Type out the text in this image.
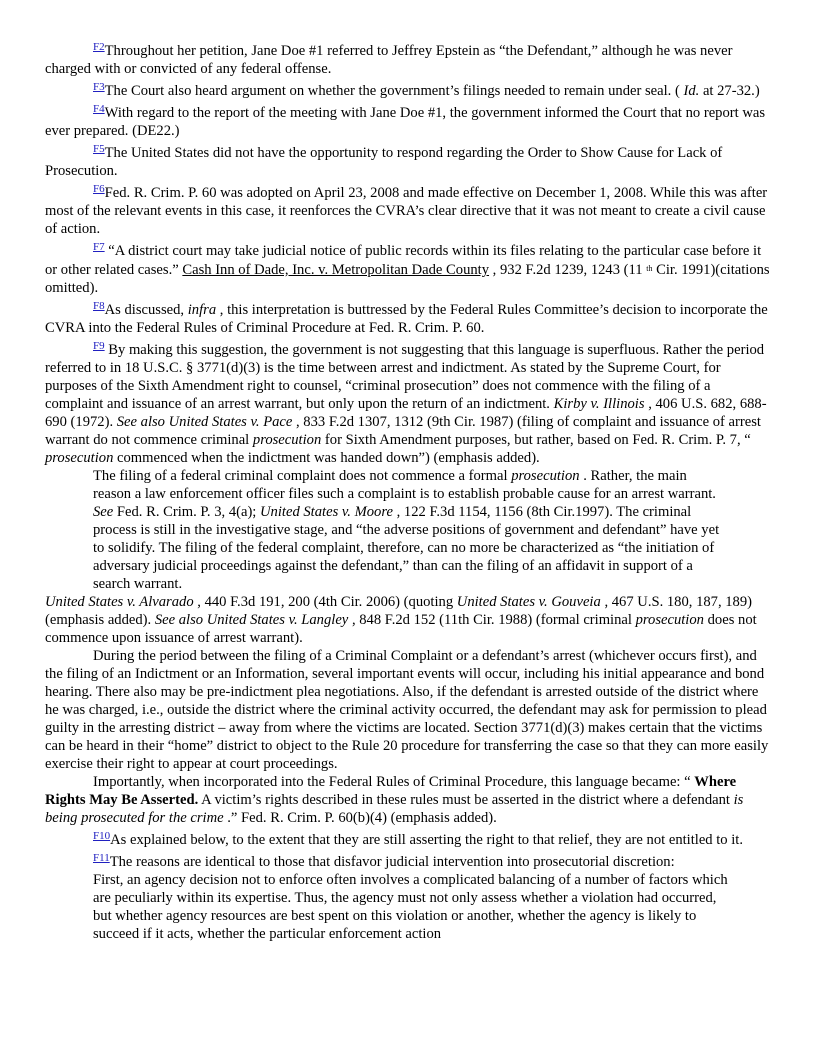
$^{F2}$Throughout her petition, Jane Doe #1 referred to Jeffrey Epstein as “the Defendant,” although he was never charged with or convicted of any federal offense.

$^{F3}$The Court also heard argument on whether the government’s filings needed to remain under seal. ( Id. at 27-32.)

$^{F4}$With regard to the report of the meeting with Jane Doe #1, the government informed the Court that no report was ever prepared. (DE22.)

$^{F5}$The United States did not have the opportunity to respond regarding the Order to Show Cause for Lack of Prosecution.

$^{F6}$Fed. R. Crim. P. 60 was adopted on April 23, 2008 and made effective on December 1, 2008. While this was after most of the relevant events in this case, it reenforces the CVRA’s clear directive that it was not meant to create a civil cause of action.

$^{F7}$ “A district court may take judicial notice of public records within its files relating to the particular case before it or other related cases.” Cash Inn of Dade, Inc. v. Metropolitan Dade County , 932 F.2d 1239, 1243 (11 $^{th}$ Cir. 1991)(citations omitted).

$^{F8}$As discussed, infra , this interpretation is buttressed by the Federal Rules Committee’s decision to incorporate the CVRA into the Federal Rules of Criminal Procedure at Fed. R. Crim. P. 60.

$^{F9}$ By making this suggestion, the government is not suggesting that this language is superfluous. Rather the period referred to in 18 U.S.C. § 3771(d)(3) is the time between arrest and indictment. As stated by the Supreme Court, for purposes of the Sixth Amendment right to counsel, “criminal prosecution” does not commence with the filing of a complaint and issuance of an arrest warrant, but only upon the return of an indictment. Kirby v. Illinois , 406 U.S. 682, 688-690 (1972). See also United States v. Pace , 833 F.2d 1307, 1312 (9th Cir. 1987) (filing of complaint and issuance of arrest warrant do not commence criminal prosecution for Sixth Amendment purposes, but rather, based on Fed. R. Crim. P. 7, “ prosecution commenced when the indictment was handed down”) (emphasis added).

The filing of a federal criminal complaint does not commence a formal prosecution . Rather, the main reason a law enforcement officer files such a complaint is to establish probable cause for an arrest warrant. See Fed. R. Crim. P. 3, 4(a); United States v. Moore , 122 F.3d 1154, 1156 (8th Cir.1997). The criminal process is still in the investigative stage, and “the adverse positions of government and defendant” have yet to solidify. The filing of the federal complaint, therefore, can no more be characterized as “the initiation of adversary judicial proceedings against the defendant,” than can the filing of an affidavit in support of a search warrant.

United States v. Alvarado , 440 F.3d 191, 200 (4th Cir. 2006) (quoting United States v. Gouveia , 467 U.S. 180, 187, 189) (emphasis added). See also United States v. Langley , 848 F.2d 152 (11th Cir. 1988) (formal criminal prosecution does not commence upon issuance of arrest warrant).

During the period between the filing of a Criminal Complaint or a defendant’s arrest (whichever occurs first), and the filing of an Indictment or an Information, several important events will occur, including his initial appearance and bond hearing. There also may be pre-indictment plea negotiations. Also, if the defendant is arrested outside of the district where he was charged, i.e., outside the district where the criminal activity occurred, the defendant may ask for permission to plead guilty in the arresting district – away from where the victims are located. Section 3771(d)(3) makes certain that the victims can be heard in their “home” district to object to the Rule 20 procedure for transferring the case so that they can more easily exercise their right to appear at court proceedings.

Importantly, when incorporated into the Federal Rules of Criminal Procedure, this language became: “ Where Rights May Be Asserted. A victim’s rights described in these rules must be asserted in the district where a defendant is being prosecuted for the crime .” Fed. R. Crim. P. 60(b)(4) (emphasis added).

$^{F10}$As explained below, to the extent that they are still asserting the right to that relief, they are not entitled to it.

$^{F11}$The reasons are identical to those that disfavor judicial intervention into prosecutorial discretion:

First, an agency decision not to enforce often involves a complicated balancing of a number of factors which are peculiarly within its expertise. Thus, the agency must not only assess whether a violation had occurred, but whether agency resources are best spent on this violation or another, whether the agency is likely to succeed if it acts, whether the particular enforcement action
